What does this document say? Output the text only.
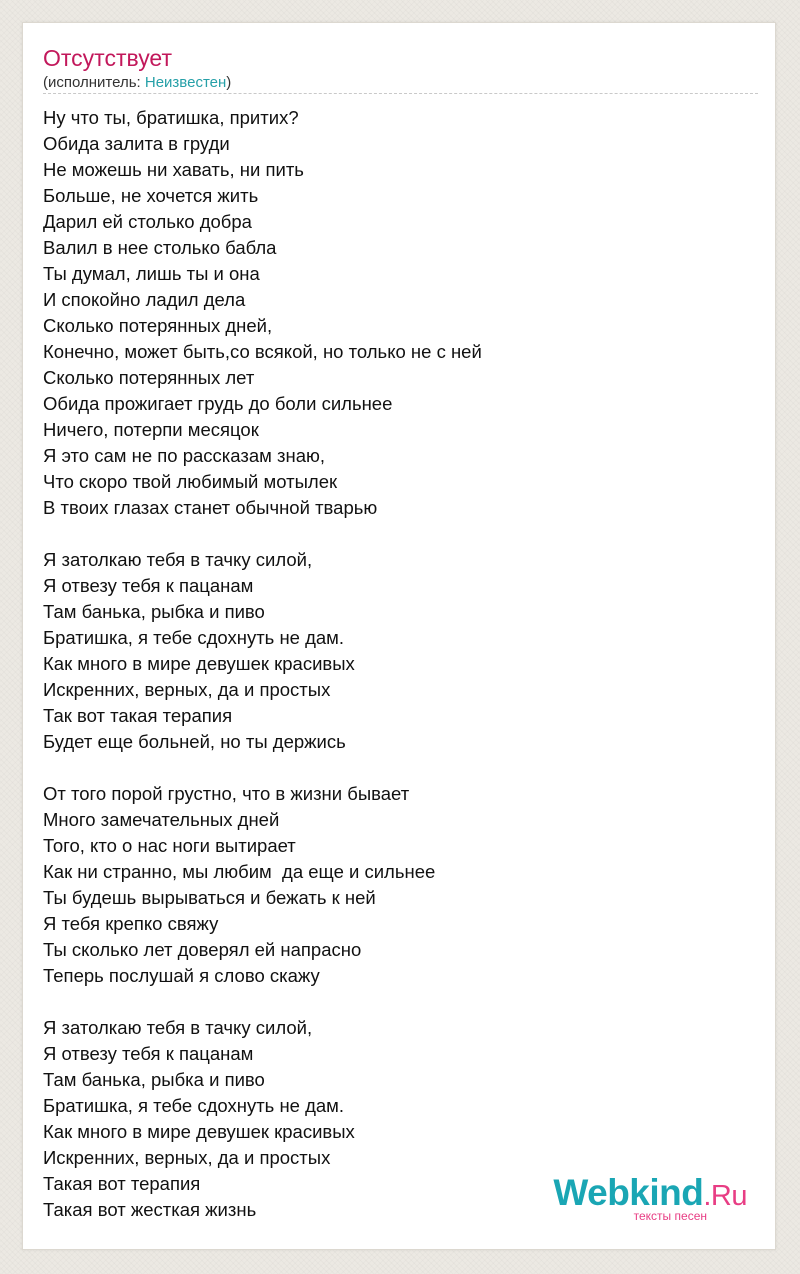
Отсутствует
(исполнитель: Неизвестен)
Ну что ты, братишка, притих?
Обида залита в груди
Не можешь ни хавать, ни пить
Больше, не хочется жить
Дарил ей столько добра
Валил в нее столько бабла
Ты думал, лишь ты и она
И спокойно ладил дела
Сколько потерянных дней,
Конечно, может быть,со всякой, но только не с ней
Сколько потерянных лет
Обида прожигает грудь до боли сильнее
Ничего, потерпи месяцок
Я это сам не по рассказам знаю,
Что скоро твой любимый мотылек
В твоих глазах станет обычной тварью
Я затолкаю тебя в тачку силой,
Я отвезу тебя к пацанам
Там банька, рыбка и пиво
Братишка, я тебе сдохнуть не дам.
Как много в мире девушек красивых
Искренних, верных, да и простых
Так вот такая терапия
Будет еще больней, но ты держись
От того порой грустно, что в жизни бывает
Много замечательных дней
Того, кто о нас ноги вытирает
Как ни странно, мы любим  да еще и сильнее
Ты будешь вырываться и бежать к ней
Я тебя крепко свяжу
Ты сколько лет доверял ей напрасно
Теперь послушай я слово скажу
Я затолкаю тебя в тачку силой,
Я отвезу тебя к пацанам
Там банька, рыбка и пиво
Братишка, я тебе сдохнуть не дам.
Как много в мире девушек красивых
Искренних, верных, да и простых
Такая вот терапия
Такая вот жесткая жизнь	Webkind.Ru
тексты песен
